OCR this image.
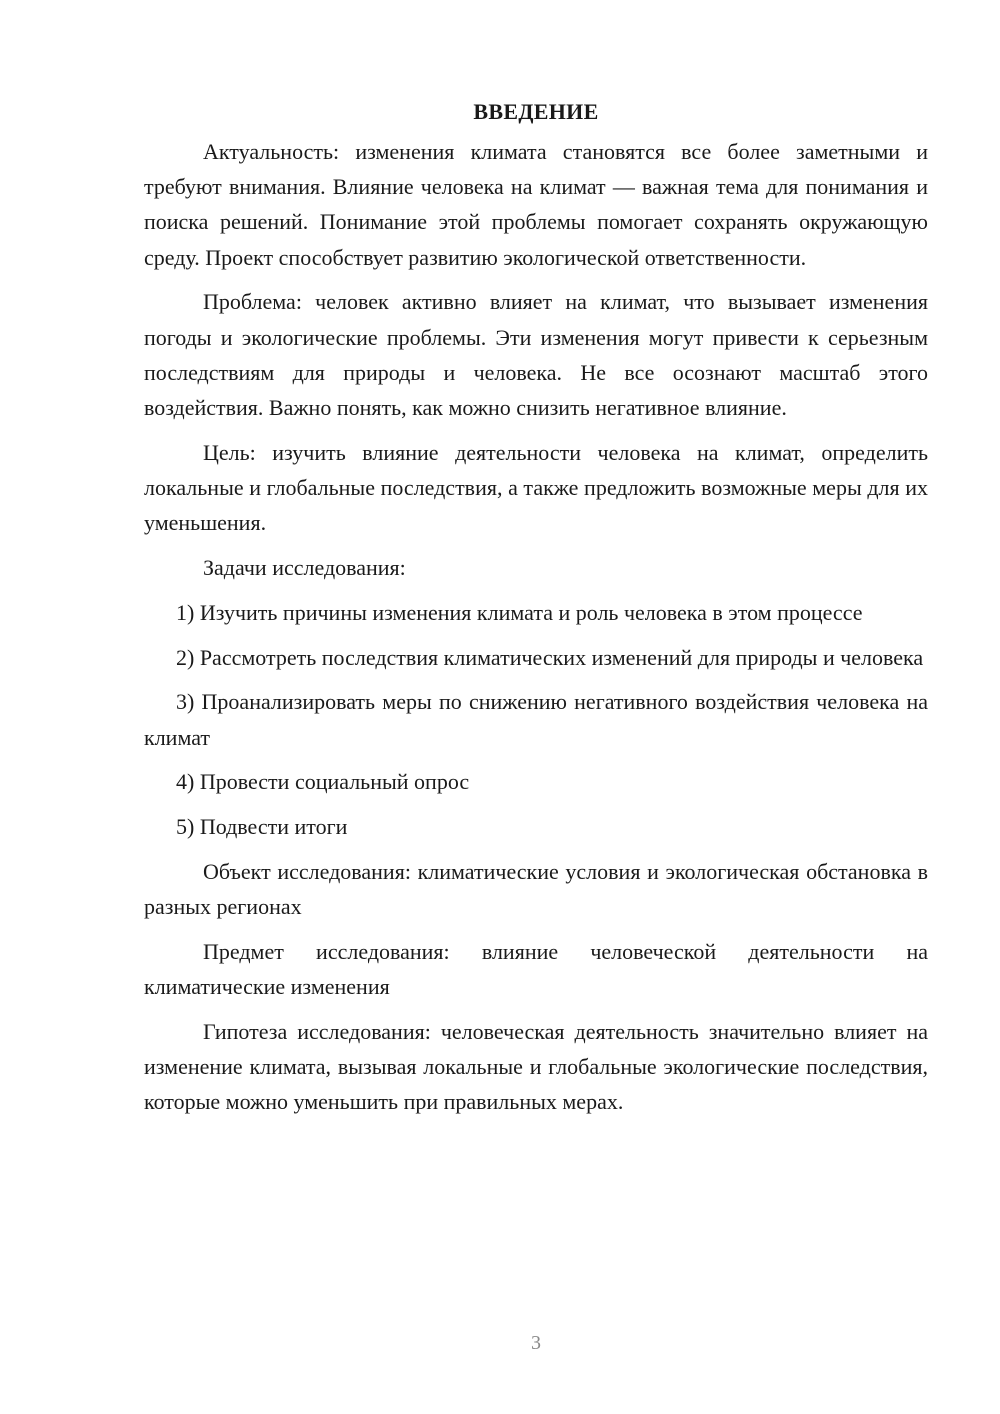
ВВЕДЕНИЕ

Актуальность: изменения климата становятся все более заметными и требуют внимания. Влияние человека на климат — важная тема для понимания и поиска решений. Понимание этой проблемы помогает сохранять окружающую среду. Проект способствует развитию экологической ответственности.

Проблема: человек активно влияет на климат, что вызывает изменения погоды и экологические проблемы. Эти изменения могут привести к серьезным последствиям для природы и человека. Не все осознают масштаб этого воздействия. Важно понять, как можно снизить негативное влияние.

Цель: изучить влияние деятельности человека на климат, определить локальные и глобальные последствия, а также предложить возможные меры для их уменьшения.

Задачи исследования:

1) Изучить причины изменения климата и роль человека в этом процессе

2) Рассмотреть последствия климатических изменений для природы и человека

3) Проанализировать меры по снижению негативного воздействия человека на климат

4) Провести социальный опрос

5) Подвести итоги

Объект исследования: климатические условия и экологическая обстановка в разных регионах

Предмет исследования: влияние человеческой деятельности на климатические изменения

Гипотеза исследования: человеческая деятельность значительно влияет на изменение климата, вызывая локальные и глобальные экологические последствия, которые можно уменьшить при правильных мерах.

3
